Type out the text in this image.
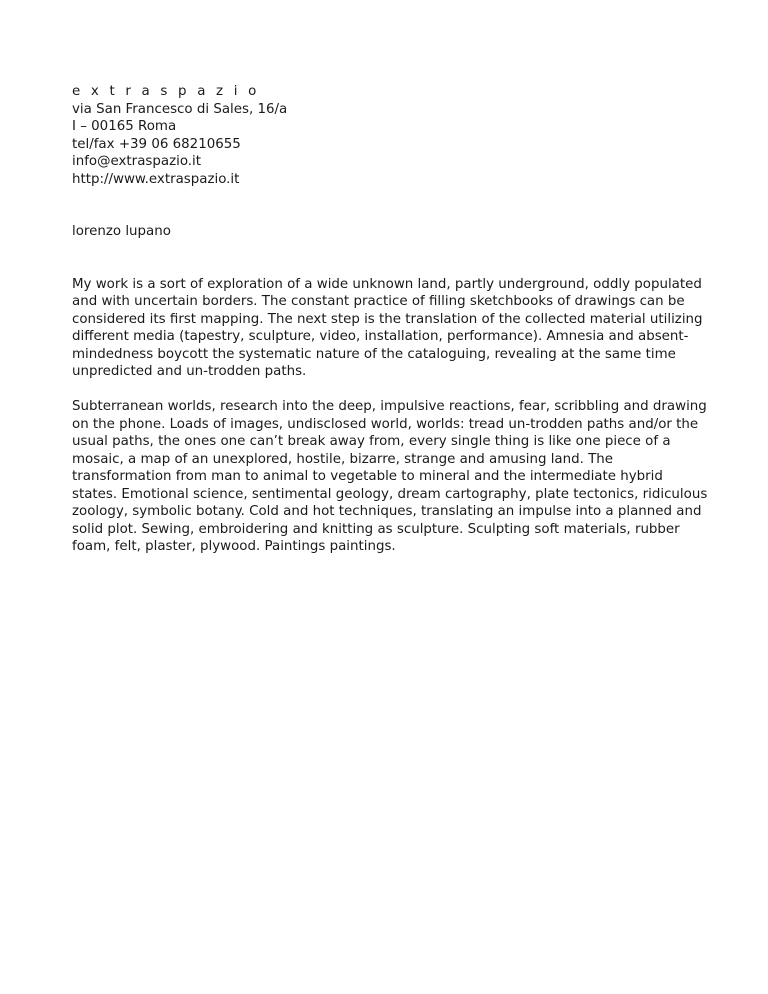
e x t r a s p a z i o
via San Francesco di Sales, 16/a
I – 00165 Roma
tel/fax +39 06 68210655
info@extraspazio.it
http://www.extraspazio.it
lorenzo lupano

My work is a sort of exploration of a wide unknown land, partly underground, oddly populated and with uncertain borders. The constant practice of filling sketchbooks of drawings can be considered its first mapping. The next step is the translation of the collected material utilizing different media (tapestry, sculpture, video, installation, performance). Amnesia and absent-mindedness boycott the systematic nature of the cataloguing, revealing at the same time unpredicted and un-trodden paths.

Subterranean worlds, research into the deep, impulsive reactions, fear, scribbling and drawing on the phone. Loads of images, undisclosed world, worlds: tread un-trodden paths and/or the usual paths, the ones one can’t break away from, every single thing is like one piece of a mosaic, a map of an unexplored, hostile, bizarre, strange and amusing land. The transformation from man to animal to vegetable to mineral and the intermediate hybrid states. Emotional science, sentimental geology, dream cartography, plate tectonics, ridiculous zoology, symbolic botany. Cold and hot techniques, translating an impulse into a planned and solid plot. Sewing, embroidering and knitting as sculpture. Sculpting soft materials, rubber foam, felt, plaster, plywood. Paintings paintings.
